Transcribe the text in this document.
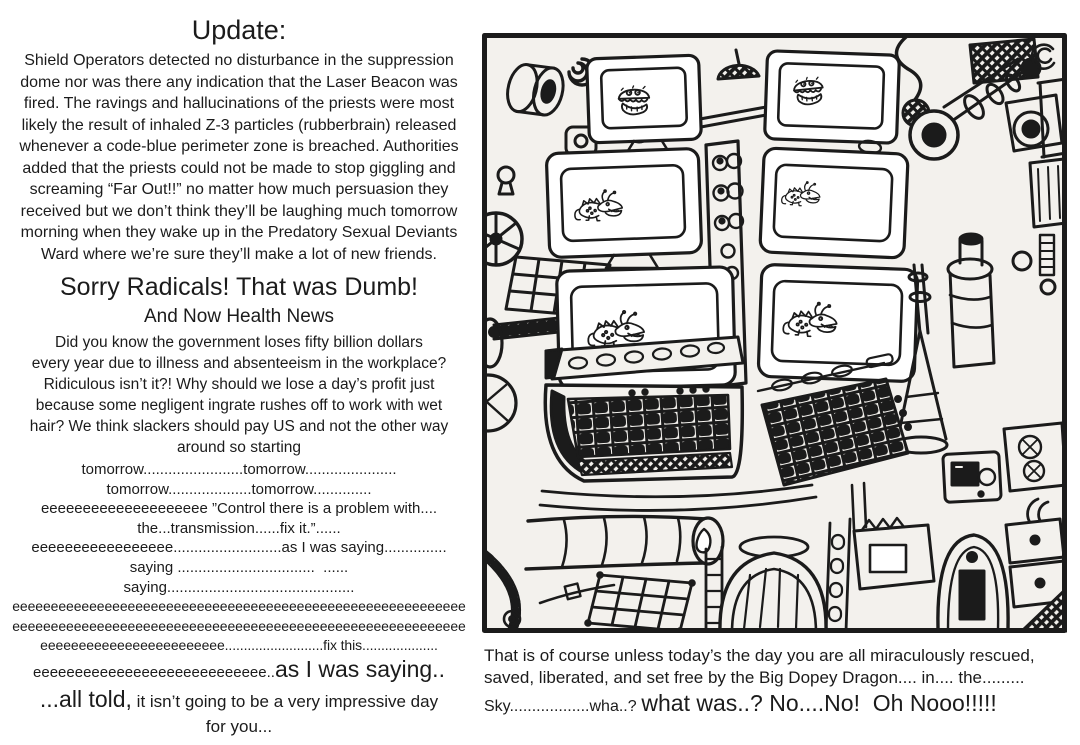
Update:
Shield Operators detected no disturbance in the suppression
dome nor was there any indication that the Laser Beacon was
fired. The ravings and hallucinations of the priests were most
likely the result of inhaled Z-3 particles (rubberbrain) released
whenever a code-blue perimeter zone is breached. Authorities
added that the priests could not be made to stop giggling and
screaming “Far Out!!” no matter how much persuasion they
received but we don’t think they’ll be laughing much tomorrow
morning when they wake up in the Predatory Sexual Deviants
Ward where we’re sure they’ll make a lot of new friends.
Sorry Radicals! That was Dumb!
And Now Health News
Did you know the government loses fifty billion dollars
every year due to illness and absenteeism in the workplace?
Ridiculous isn’t it?! Why should we lose a day’s profit just
because some negligent ingrate rushes off to work with wet
hair? We think slackers should pay US and not the other way
around so starting
tomorrow........................tomorrow......................
tomorrow....................tomorrow..............
eeeeeeeeeeeeeeeeeeee ”Control there is a problem with....
the...transmission......fix it.”......
eeeeeeeeeeeeeeeee..........................as I was saying...............
saying .................................  ......
saying.............................................
eeeeeeeeeeeeeeeeeeeeeeeeeeeeeeeeeeeeeeeeeeeeeeeeeeeeeeeeeee
eeeeeeeeeeeeeeeeeeeeeeeeeeeeeeeeeeeeeeeeeeeeeeeeeeeeeeeeeee
eeeeeeeeeeeeeeeeeeeeeeee..........................fix this....................
eeeeeeeeeeeeeeeeeeeeeeeeeeee..as I was saying..
...all told, it isn’t going to be a very impressive day
for you...
That is of course unless today’s the day you are all miraculously rescued,
saved, liberated, and set free by the Big Dopey Dragon.... in.... the.........
Sky..................wha..? what was..? No....No!  Oh Nooo!!!!!
